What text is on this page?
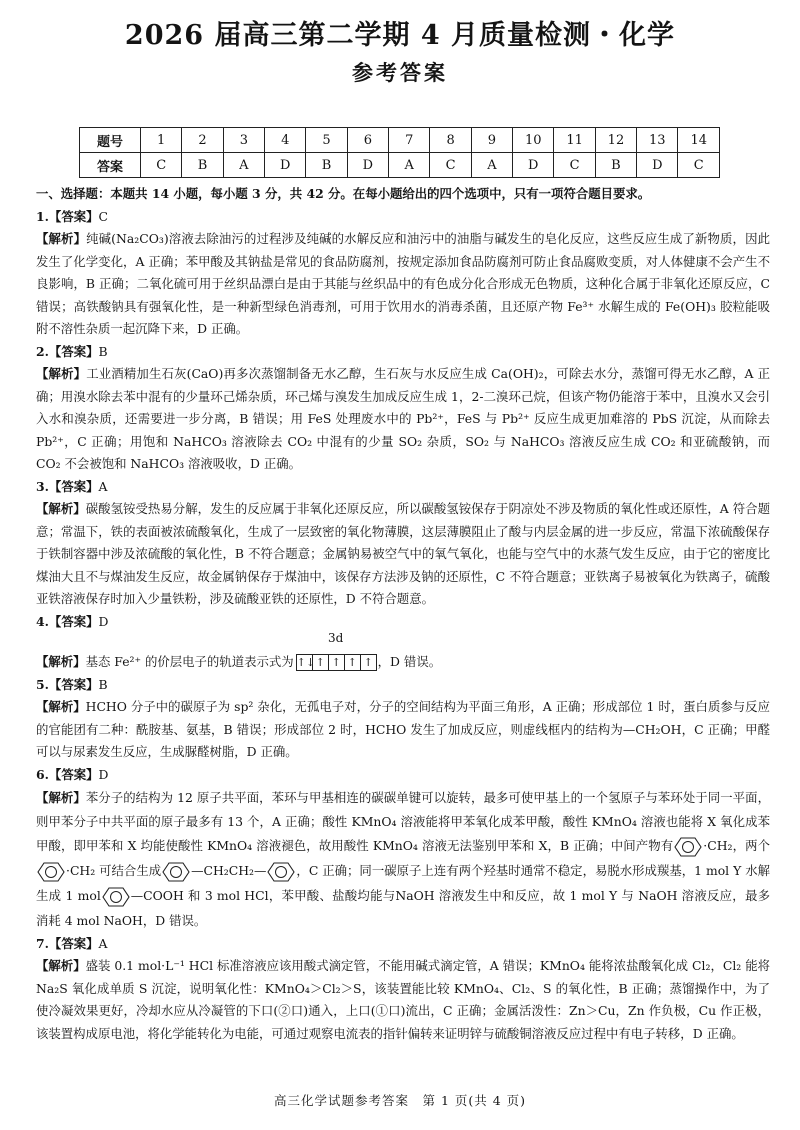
2026 届高三第二学期 4 月质量检测・化学
参考答案
题号	1	2	3	4	5	6	7	8	9	10	11	12	13	14
答案	C	B	A	D	B	D	A	C	A	D	C	B	D	C

一、选择题：本题共 14 小题，每小题 3 分，共 42 分。在每小题给出的四个选项中，只有一项符合题目要求。

1.【答案】C

【解析】纯碱(Na₂CO₃)溶液去除油污的过程涉及纯碱的水解反应和油污中的油脂与碱发生的皂化反应，这些反应生成了新物质，因此发生了化学变化，A 正确；苯甲酸及其钠盐是常见的食品防腐剂，按规定添加食品防腐剂可防止食品腐败变质，对人体健康不会产生不良影响，B 正确；二氧化硫可用于丝织品漂白是由于其能与丝织品中的有色成分化合形成无色物质，这种化合属于非氧化还原反应，C 错误；高铁酸钠具有强氧化性，是一种新型绿色消毒剂，可用于饮用水的消毒杀菌，且还原产物 Fe³⁺ 水解生成的 Fe(OH)₃ 胶粒能吸附不溶性杂质一起沉降下来，D 正确。

2.【答案】B

【解析】工业酒精加生石灰(CaO)再多次蒸馏制备无水乙醇，生石灰与水反应生成 Ca(OH)₂，可除去水分，蒸馏可得无水乙醇，A 正确；用溴水除去苯中混有的少量环己烯杂质，环己烯与溴发生加成反应生成 1，2-二溴环己烷，但该产物仍能溶于苯中，且溴水又会引入水和溴杂质，还需要进一步分离，B 错误；用 FeS 处理废水中的 Pb²⁺，FeS 与 Pb²⁺ 反应生成更加难溶的 PbS 沉淀，从而除去 Pb²⁺，C 正确；用饱和 NaHCO₃ 溶液除去 CO₂ 中混有的少量 SO₂ 杂质，SO₂ 与 NaHCO₃ 溶液反应生成 CO₂ 和亚硫酸钠，而 CO₂ 不会被饱和 NaHCO₃ 溶液吸收，D 正确。

3.【答案】A

【解析】碳酸氢铵受热易分解，发生的反应属于非氧化还原反应，所以碳酸氢铵保存于阴凉处不涉及物质的氧化性或还原性，A 符合题意；常温下，铁的表面被浓硫酸氧化，生成了一层致密的氧化物薄膜，这层薄膜阻止了酸与内层金属的进一步反应，常温下浓硫酸保存于铁制容器中涉及浓硫酸的氧化性，B 不符合题意；金属钠易被空气中的氧气氧化，也能与空气中的水蒸气发生反应，由于它的密度比煤油大且不与煤油发生反应，故金属钠保存于煤油中，该保存方法涉及钠的还原性，C 不符合题意；亚铁离子易被氧化为铁离子，硫酸亚铁溶液保存时加入少量铁粉，涉及硫酸亚铁的还原性，D 不符合题意。

4.【答案】D

【解析】基态 Fe²⁺ 的价层电子的轨道表示式为
3d
↑↓↑ ↑ ↑ ↑ ，D 错误。

5.【答案】B

【解析】HCHO 分子中的碳原子为 sp² 杂化，无孤电子对，分子的空间结构为平面三角形，A 正确；形成部位 1 时，蛋白质参与反应的官能团有二种：酰胺基、氨基，B 错误；形成部位 2 时，HCHO 发生了加成反应，则虚线框内的结构为—CH₂OH，C 正确；甲醛可以与尿素发生反应，生成脲醛树脂，D 正确。

6.【答案】D

【解析】苯分子的结构为 12 原子共平面，苯环与甲基相连的碳碳单键可以旋转，最多可使甲基上的一个氢原子与苯环处于同一平面，则甲苯分子中共平面的原子最多有 13 个，A 正确；酸性 KMnO₄ 溶液能将甲苯氧化成苯甲酸，酸性 KMnO₄ 溶液也能将 X 氧化成苯甲酸，即甲苯和 X 均能使酸性 KMnO₄ 溶液褪色，故用酸性 KMnO₄ 溶液无法鉴别甲苯和 X，B 正确；中间产物有 ·CH₂，两个·CH₂ 可结合生成 —CH₂CH₂— ，C 正确；同一碳原子上连有两个羟基时通常不稳定，易脱水形成羰基，1 mol Y 水解生成 1 mol —COOH 和 3 mol HCl，苯甲酸、盐酸均能与NaOH 溶液发生中和反应，故 1 mol Y 与 NaOH 溶液反应，最多消耗 4 mol NaOH，D 错误。

7.【答案】A

【解析】盛装 0.1 mol·L⁻¹ HCl 标准溶液应该用酸式滴定管，不能用碱式滴定管，A 错误；KMnO₄ 能将浓盐酸氧化成 Cl₂，Cl₂ 能将 Na₂S 氧化成单质 S 沉淀，说明氧化性：KMnO₄＞Cl₂＞S，该装置能比较 KMnO₄、Cl₂、S 的氧化性，B 正确；蒸馏操作中，为了使冷凝效果更好，冷却水应从冷凝管的下口(②口)通入，上口(①口)流出，C 正确；金属活泼性：Zn＞Cu，Zn 作负极，Cu 作正极，该装置构成原电池，将化学能转化为电能，可通过观察电流表的指针偏转来证明锌与硫酸铜溶液反应过程中有电子转移，D 正确。

高三化学试题参考答案　第 1 页(共 4 页)
